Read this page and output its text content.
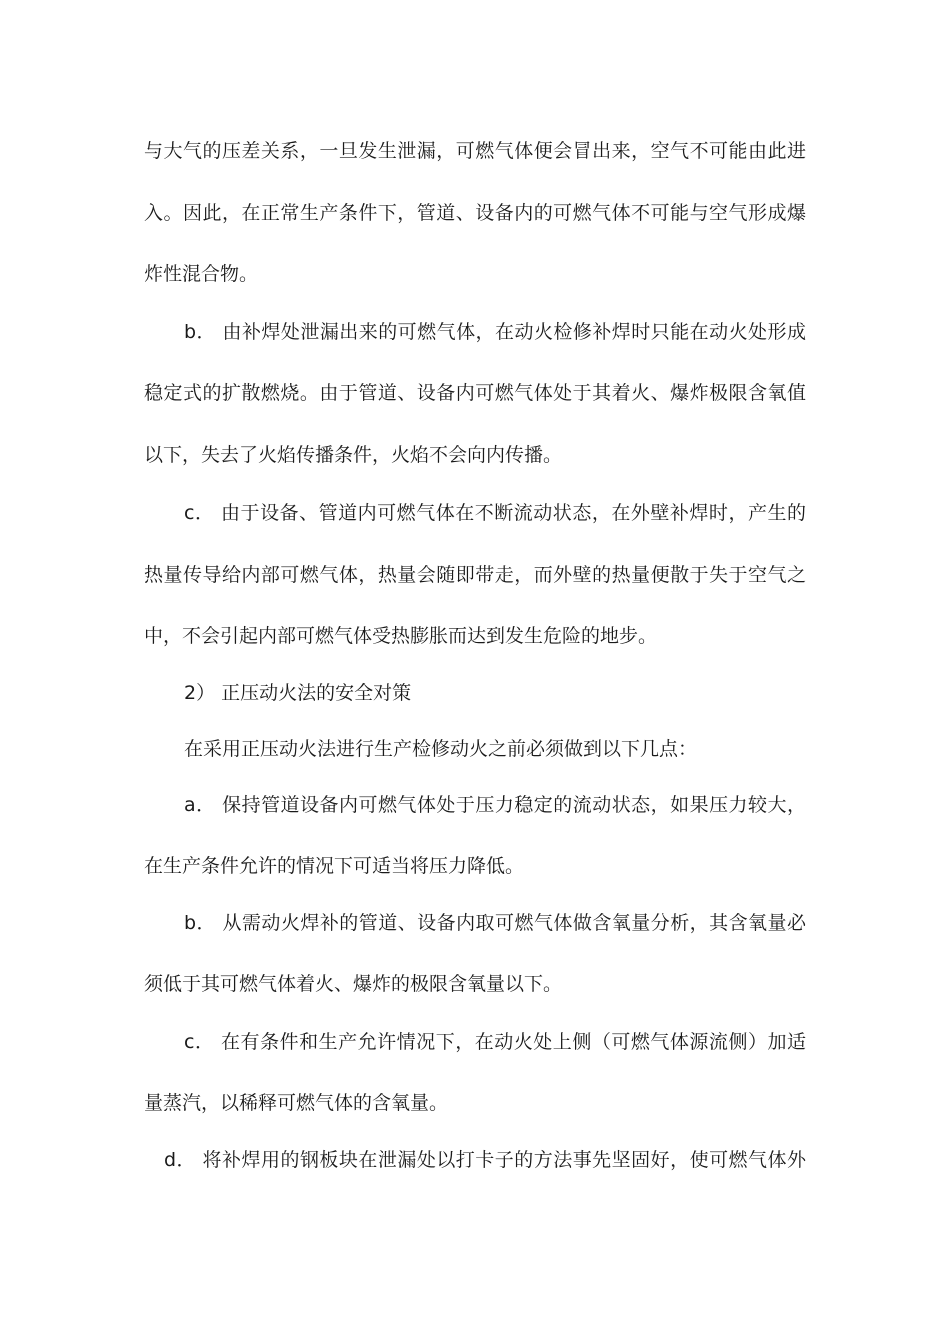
与大气的压差关系，一旦发生泄漏，可燃气体便会冒出来，空气不可能由此进

入。因此，在正常生产条件下，管道、设备内的可燃气体不可能与空气形成爆

炸性混合物。

b． 由补焊处泄漏出来的可燃气体，在动火检修补焊时只能在动火处形成

稳定式的扩散燃烧。由于管道、设备内可燃气体处于其着火、爆炸极限含氧值

以下，失去了火焰传播条件，火焰不会向内传播。

c． 由于设备、管道内可燃气体在不断流动状态，在外壁补焊时，产生的

热量传导给内部可燃气体，热量会随即带走，而外壁的热量便散于失于空气之

中，不会引起内部可燃气体受热膨胀而达到发生危险的地步。

2） 正压动火法的安全对策

在采用正压动火法进行生产检修动火之前必须做到以下几点：

a． 保持管道设备内可燃气体处于压力稳定的流动状态，如果压力较大，

在生产条件允许的情况下可适当将压力降低。

b． 从需动火焊补的管道、设备内取可燃气体做含氧量分析，其含氧量必

须低于其可燃气体着火、爆炸的极限含氧量以下。

c． 在有条件和生产允许情况下，在动火处上侧（可燃气体源流侧）加适

量蒸汽，以稀释可燃气体的含氧量。

d． 将补焊用的钢板块在泄漏处以打卡子的方法事先坚固好，使可燃气体外
